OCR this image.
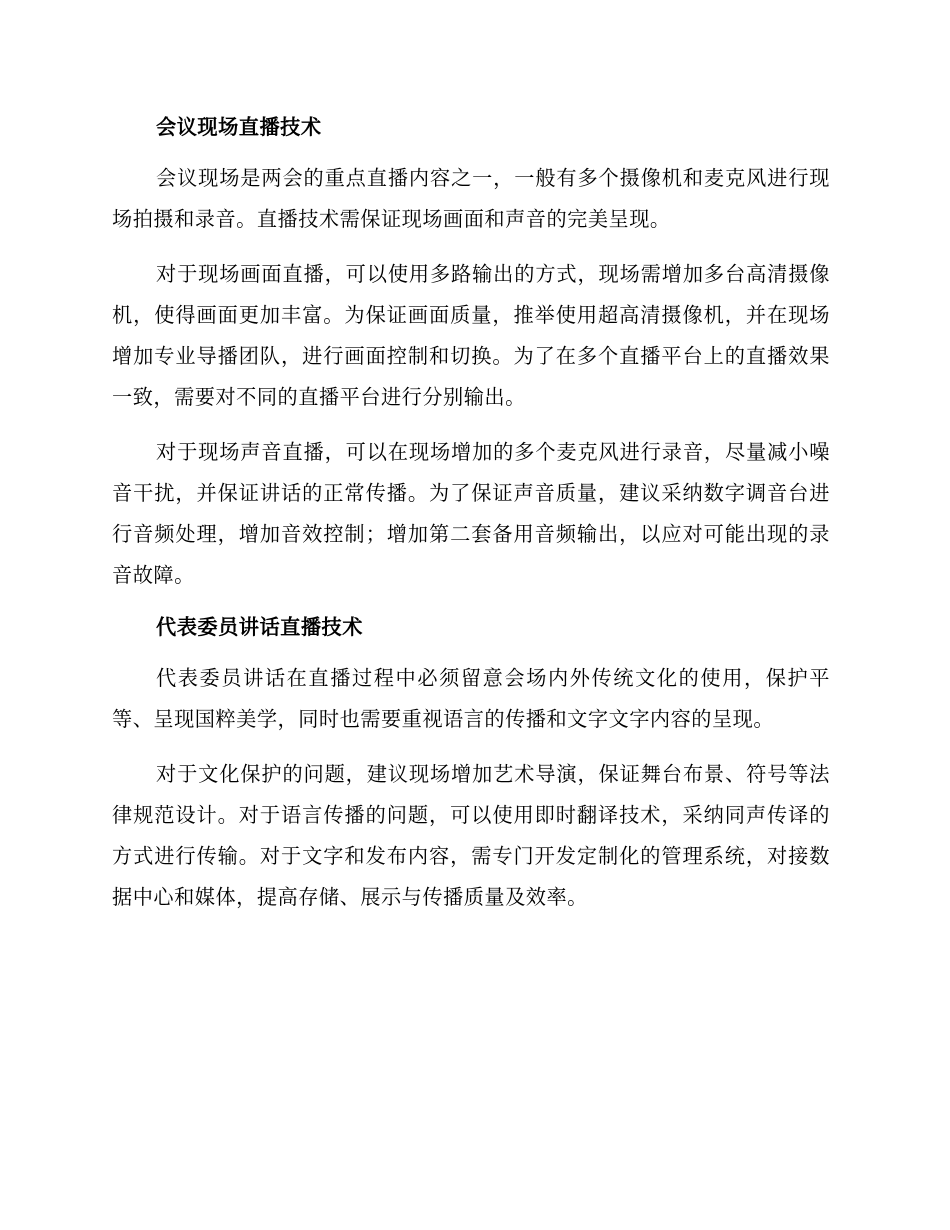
会议现场直播技术

会议现场是两会的重点直播内容之一，一般有多个摄像机和麦克风进行现场拍摄和录音。直播技术需保证现场画面和声音的完美呈现。

对于现场画面直播，可以使用多路输出的方式，现场需增加多台高清摄像机，使得画面更加丰富。为保证画面质量，推举使用超高清摄像机，并在现场增加专业导播团队，进行画面控制和切换。为了在多个直播平台上的直播效果一致，需要对不同的直播平台进行分别输出。

对于现场声音直播，可以在现场增加的多个麦克风进行录音，尽量减小噪音干扰，并保证讲话的正常传播。为了保证声音质量，建议采纳数字调音台进行音频处理，增加音效控制；增加第二套备用音频输出，以应对可能出现的录音故障。

代表委员讲话直播技术

代表委员讲话在直播过程中必须留意会场内外传统文化的使用，保护平等、呈现国粹美学，同时也需要重视语言的传播和文字文字内容的呈现。

对于文化保护的问题，建议现场增加艺术导演，保证舞台布景、符号等法律规范设计。对于语言传播的问题，可以使用即时翻译技术，采纳同声传译的方式进行传输。对于文字和发布内容，需专门开发定制化的管理系统，对接数据中心和媒体，提高存储、展示与传播质量及效率。
